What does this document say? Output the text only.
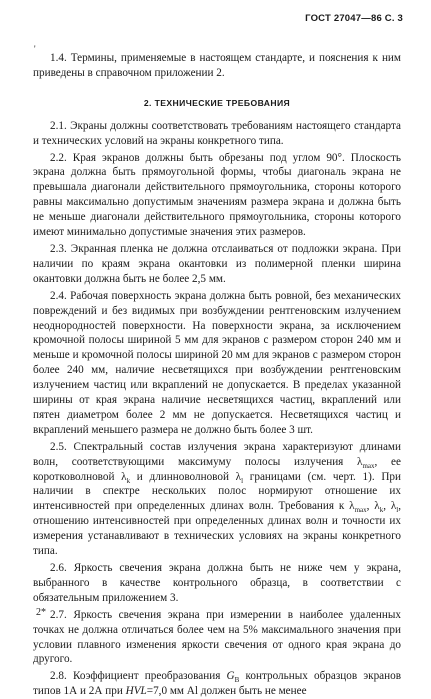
ГОСТ 27047—86 С. 3
'

1.4. Термины, применяемые в настоящем стандарте, и пояснения к ним приведены в справочном приложении 2.

2. ТЕХНИЧЕСКИЕ ТРЕБОВАНИЯ

2.1. Экраны должны соответствовать требованиям настоящего стандарта и технических условий на экраны конкретного типа.

2.2. Края экранов должны быть обрезаны под углом 90°. Плоскость экрана должна быть прямоугольной формы, чтобы диагональ экрана не превышала диагонали действительного прямоугольника, стороны которого равны максимально допустимым значениям размера экрана и должна быть не меньше диагонали действительного прямоугольника, стороны которого имеют минимально допустимые значения этих размеров.

2.3. Экранная пленка не должна отслаиваться от подложки экрана. При наличии по краям экрана окантовки из полимерной пленки ширина окантовки должна быть не более 2,5 мм.

2.4. Рабочая поверхность экрана должна быть ровной, без механических повреждений и без видимых при возбуждении рентгеновским излучением неоднородностей поверхности. На поверхности экрана, за исключением кромочной полосы шириной 5 мм для экранов с размером сторон 240 мм и меньше и кромочной полосы шириной 20 мм для экранов с размером сторон более 240 мм, наличие несветящихся при возбуждении рентгеновским излучением частиц или вкраплений не допускается. В пределах указанной ширины от края экрана наличие несветящихся частиц, вкраплений или пятен диаметром более 2 мм не допускается. Несветящихся частиц и вкраплений меньшего размера не должно быть более 3 шт.

2.5. Спектральный состав излучения экрана характеризуют длинами волн, соответствующими максимуму полосы излучения $\lambda_{max}$, ее коротковолновой $\lambda_k$ и длинноволновой $\lambda_l$ границами (см. черт. 1). При наличии в спектре нескольких полос нормируют отношение их интенсивностей при определенных длинах волн. Требования к $\lambda_{max}$, $\lambda_k$, $\lambda_l$, отношению интенсивностей при определенных длинах волн и точности их измерения устанавливают в технических условиях на экраны конкретного типа.

2.6. Яркость свечения экрана должна быть не ниже чем у экрана, выбранного в качестве контрольного образца, в соответствии с обязательным приложением 3.

2.7. Яркость свечения экрана при измерении в наиболее удаленных точках не должна отличаться более чем на 5% максимального значения при условии плавного изменения яркости свечения от одного края экрана до другого.

2.8. Коэффициент преобразования $G_B$ контрольных образцов экранов типов 1А и 2А при HVL=7,0 мм Al должен быть не менее

2*
